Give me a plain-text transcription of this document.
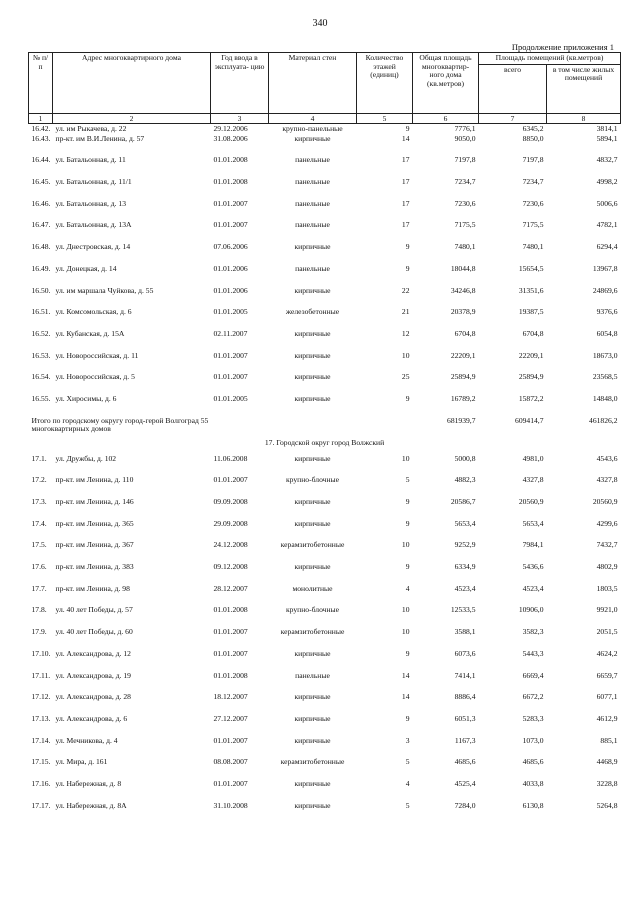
340
Продолжение приложения 1
№ п/п	Адрес многоквартирного дома	Год ввода в эксплуата- цию	Материал стен	Количество этажей (единиц)	Общая площадь многоквартир- ного дома (кв.метров)	Площадь помещений (кв.метров)	
						всего	в том числе жилых помещений
1	2	3	4	5	6	7	8
16.42.	ул. им Рыкачева, д. 22	29.12.2006	крупно-панельные	9	7776,1	6345,2	3814,1
16.43.	пр-кт. им В.И.Ленина, д. 57	31.08.2006	кирпичные	14	9050,0	8850,0	5894,1
16.44.	ул. Батальонная, д. 11	01.01.2008	панельные	17	7197,8	7197,8	4832,7
16.45.	ул. Батальонная, д. 11/1	01.01.2008	панельные	17	7234,7	7234,7	4998,2
16.46.	ул. Батальонная, д. 13	01.01.2007	панельные	17	7230,6	7230,6	5006,6
16.47.	ул. Батальонная, д. 13А	01.01.2007	панельные	17	7175,5	7175,5	4782,1
16.48.	ул. Днестровская, д. 14	07.06.2006	кирпичные	9	7480,1	7480,1	6294,4
16.49.	ул. Донецкая, д. 14	01.01.2006	панельные	9	18044,8	15654,5	13967,8
16.50.	ул. им маршала Чуйкова, д. 55	01.01.2006	кирпичные	22	34246,8	31351,6	24869,6
16.51.	ул. Комсомольская, д. 6	01.01.2005	железобетонные	21	20378,9	19387,5	9376,6
16.52.	ул. Кубанская, д. 15А	02.11.2007	кирпичные	12	6704,8	6704,8	6054,8
16.53.	ул. Новороссийская, д. 11	01.01.2007	кирпичные	10	22209,1	22209,1	18673,0
16.54.	ул. Новороссийская, д. 5	01.01.2007	кирпичные	25	25894,9	25894,9	23568,5
16.55.	ул. Хиросимы, д. 6	01.01.2005	кирпичные	9	16789,2	15872,2	14848,0
Итого по городскому округу город-герой Волгоград 55 многоквартирных домов					681939,7	609414,7	461826,2
17. Городской округ город Волжский							
17.1.	ул. Дружбы, д. 102	11.06.2008	кирпичные	10	5000,8	4981,0	4543,6
17.2.	пр-кт. им Ленина, д. 110	01.01.2007	крупно-блочные	5	4882,3	4327,8	4327,8
17.3.	пр-кт. им Ленина, д. 146	09.09.2008	кирпичные	9	20586,7	20560,9	20560,9
17.4.	пр-кт. им Ленина, д. 365	29.09.2008	кирпичные	9	5653,4	5653,4	4299,6
17.5.	пр-кт. им Ленина, д. 367	24.12.2008	керамзитобетонные	10	9252,9	7984,1	7432,7
17.6.	пр-кт. им Ленина, д. 383	09.12.2008	кирпичные	9	6334,9	5436,6	4802,9
17.7.	пр-кт. им Ленина, д. 98	28.12.2007	монолитные	4	4523,4	4523,4	1803,5
17.8.	ул. 40 лет Победы, д. 57	01.01.2008	крупно-блочные	10	12533,5	10906,0	9921,0
17.9.	ул. 40 лет Победы, д. 60	01.01.2007	керамзитобетонные	10	3588,1	3582,3	2051,5
17.10.	ул. Александрова, д. 12	01.01.2007	кирпичные	9	6073,6	5443,3	4624,2
17.11.	ул. Александрова, д. 19	01.01.2008	панельные	14	7414,1	6669,4	6659,7
17.12.	ул. Александрова, д. 28	18.12.2007	кирпичные	14	8886,4	6672,2	6077,1
17.13.	ул. Александрова, д. 6	27.12.2007	кирпичные	9	6051,3	5283,3	4612,9
17.14.	ул. Мечникова, д. 4	01.01.2007	кирпичные	3	1167,3	1073,0	885,1
17.15.	ул. Мира, д. 161	08.08.2007	керамзитобетонные	5	4685,6	4685,6	4468,9
17.16.	ул. Набережная, д. 8	01.01.2007	кирпичные	4	4525,4	4033,8	3228,8
17.17.	ул. Набережная, д. 8А	31.10.2008	кирпичные	5	7284,0	6130,8	5264,8
